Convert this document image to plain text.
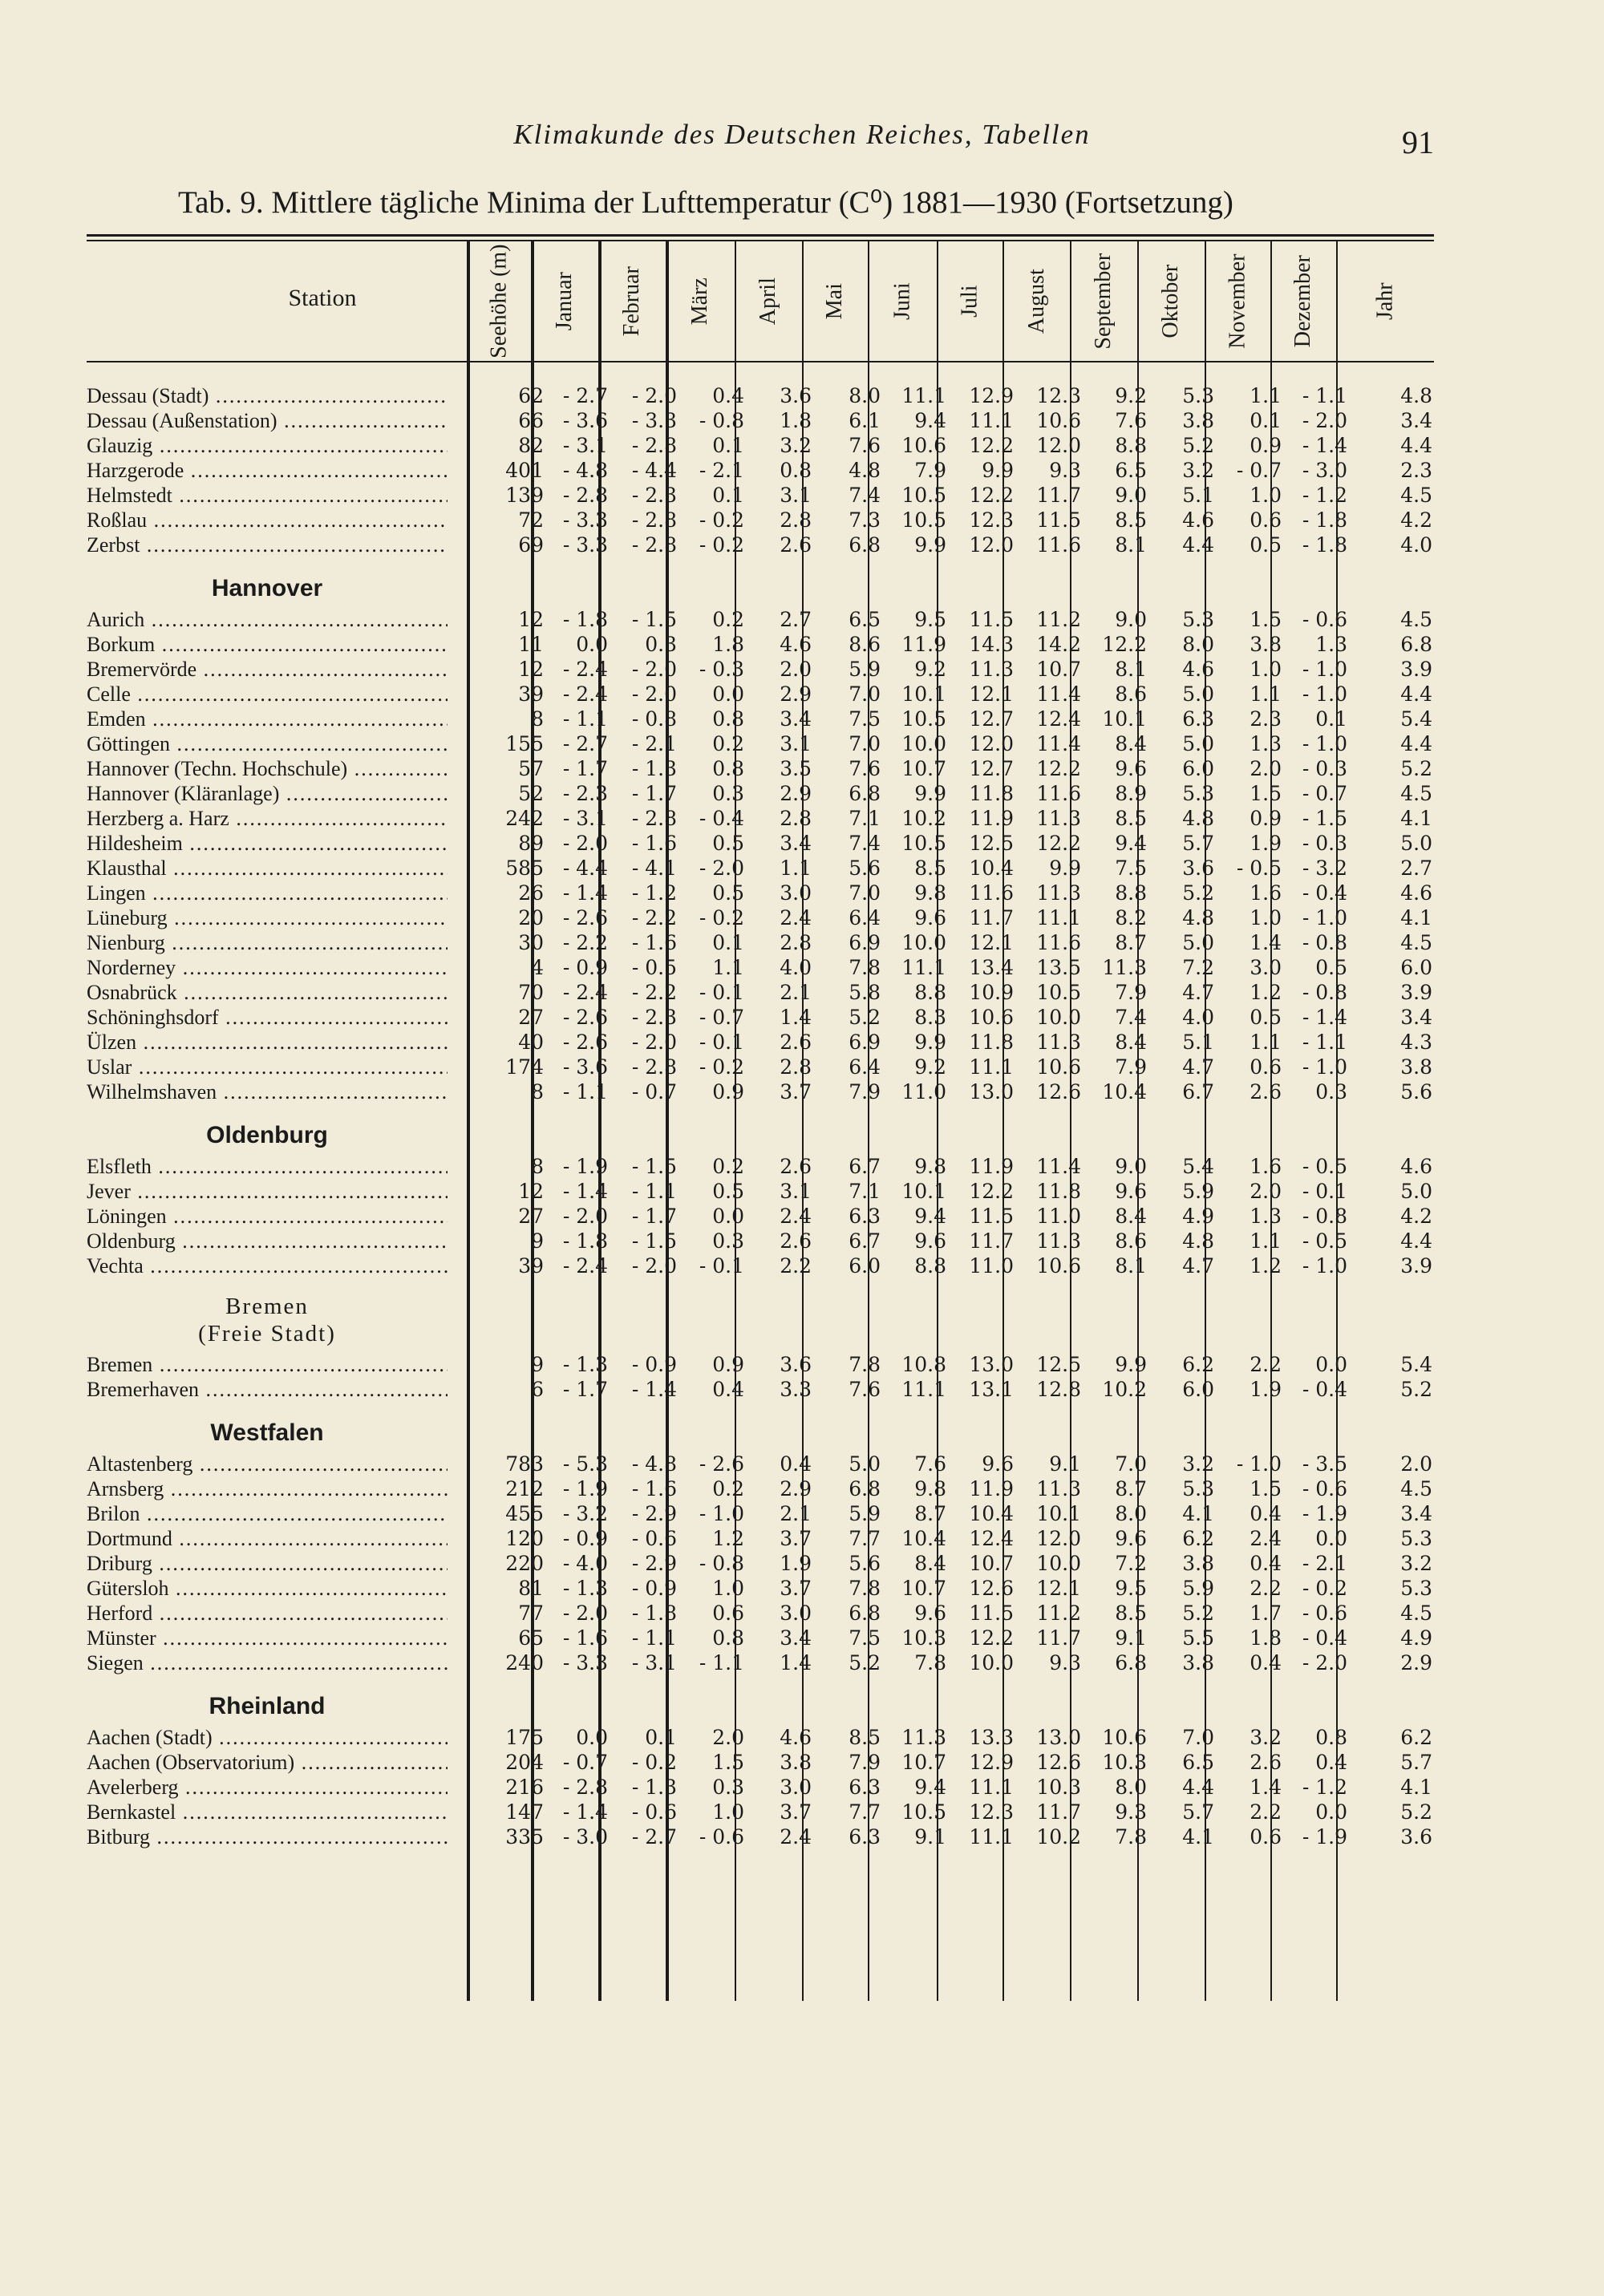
Klimakunde des Deutschen Reiches, Tabellen	91
Tab. 9. Mittlere tägliche Minima der Lufttemperatur (C⁰) 1881—1930 (Fortsetzung)
Station	Seehöhe (m) Januar Februar März April Mai Juni Juli August September Oktober November Dezember	Jahr
Dessau (Stadt) .....	62 - 2.7 - 2.0 0.4 3.6 8.0 11.1 12.9 12.3 9.2 5.3 1.1 - 1.1	4.8
Dessau (Außenstation) .....	66 - 3.6 - 3.3 - 0.8 1.8 6.1 9.4 11.1 10.6 7.6 3.8 0.1 - 2.0	3.4
Glauzig .....	82 - 3.1 - 2.8 0.1 3.2 7.6 10.6 12.2 12.0 8.8 5.2 0.9 - 1.4	4.4
Harzgerode .....	401 - 4.8 - 4.4 - 2.1 0.8 4.8 7.9 9.9 9.3 6.5 3.2 - 0.7 - 3.0	2.3
Helmstedt .....	139 - 2.8 - 2.3 0.1 3.1 7.4 10.5 12.2 11.7 9.0 5.1 1.0 - 1.2	4.5
Roßlau .....	72 - 3.3 - 2.8 - 0.2 2.8 7.3 10.5 12.3 11.5 8.5 4.6 0.6 - 1.8	4.2
Zerbst .....	69 - 3.3 - 2.8 - 0.2 2.6 6.8 9.9 12.0 11.6 8.1 4.4 0.5 - 1.8	4.0
Hannover
Aurich .....	12 - 1.8 - 1.5 0.2 2.7 6.5 9.5 11.5 11.2 9.0 5.3 1.5 - 0.6	4.5
Borkum .....	11 0.0 0.3 1.8 4.6 8.6 11.9 14.3 14.2 12.2 8.0 3.8 1.3	6.8
Bremervörde .....	12 - 2.4 - 2.0 - 0.3 2.0 5.9 9.2 11.3 10.7 8.1 4.6 1.0 - 1.0	3.9
Celle .....	39 - 2.4 - 2.0 0.0 2.9 7.0 10.1 12.1 11.4 8.6 5.0 1.1 - 1.0	4.4
Emden .....	8 - 1.1 - 0.8 0.8 3.4 7.5 10.5 12.7 12.4 10.1 6.3 2.3 0.1	5.4
Göttingen .....	155 - 2.7 - 2.1 0.2 3.1 7.0 10.0 12.0 11.4 8.4 5.0 1.3 - 1.0	4.4
Hannover (Techn. Hochschule) .....	57 - 1.7 - 1.3 0.8 3.5 7.6 10.7 12.7 12.2 9.6 6.0 2.0 - 0.3	5.2
Hannover (Kläranlage) .....	52 - 2.3 - 1.7 0.3 2.9 6.8 9.9 11.8 11.6 8.9 5.3 1.5 - 0.7	4.5
Herzberg a. Harz .....	242 - 3.1 - 2.8 - 0.4 2.8 7.1 10.2 11.9 11.3 8.5 4.8 0.9 - 1.5	4.1
Hildesheim .....	89 - 2.0 - 1.6 0.5 3.4 7.4 10.5 12.5 12.2 9.4 5.7 1.9 - 0.3	5.0
Klausthal .....	585 - 4.4 - 4.1 - 2.0 1.1 5.6 8.5 10.4 9.9 7.5 3.6 - 0.5 - 3.2	2.7
Lingen .....	26 - 1.4 - 1.2 0.5 3.0 7.0 9.8 11.6 11.3 8.8 5.2 1.6 - 0.4	4.6
Lüneburg .....	20 - 2.6 - 2.2 - 0.2 2.4 6.4 9.6 11.7 11.1 8.2 4.8 1.0 - 1.0	4.1
Nienburg .....	30 - 2.2 - 1.6 0.1 2.8 6.9 10.0 12.1 11.6 8.7 5.0 1.4 - 0.8	4.5
Norderney .....	4 - 0.9 - 0.5 1.1 4.0 7.8 11.1 13.4 13.5 11.3 7.2 3.0 0.5	6.0
Osnabrück .....	70 - 2.4 - 2.2 - 0.1 2.1 5.8 8.8 10.9 10.5 7.9 4.7 1.2 - 0.8	3.9
Schöninghsdorf .....	27 - 2.6 - 2.3 - 0.7 1.4 5.2 8.3 10.6 10.0 7.4 4.0 0.5 - 1.4	3.4
Ülzen .....	40 - 2.6 - 2.0 - 0.1 2.6 6.9 9.9 11.8 11.3 8.4 5.1 1.1 - 1.1	4.3
Uslar .....	174 - 3.6 - 2.8 - 0.2 2.8 6.4 9.2 11.1 10.6 7.9 4.7 0.6 - 1.0	3.8
Wilhelmshaven .....	8 - 1.1 - 0.7 0.9 3.7 7.9 11.0 13.0 12.6 10.4 6.7 2.6 0.3	5.6
Oldenburg
Elsfleth .....	8 - 1.9 - 1.5 0.2 2.6 6.7 9.8 11.9 11.4 9.0 5.4 1.6 - 0.5	4.6
Jever .....	12 - 1.4 - 1.1 0.5 3.1 7.1 10.1 12.2 11.8 9.6 5.9 2.0 - 0.1	5.0
Löningen .....	27 - 2.0 - 1.7 0.0 2.4 6.3 9.4 11.5 11.0 8.4 4.9 1.3 - 0.8	4.2
Oldenburg .....	9 - 1.8 - 1.5 0.3 2.6 6.7 9.6 11.7 11.3 8.6 4.8 1.1 - 0.5	4.4
Vechta .....	39 - 2.4 - 2.0 - 0.1 2.2 6.0 8.8 11.0 10.6 8.1 4.7 1.2 - 1.0	3.9
Bremen
(Freie Stadt)
Bremen .....	9 - 1.3 - 0.9 0.9 3.6 7.8 10.8 13.0 12.5 9.9 6.2 2.2 0.0	5.4
Bremerhaven .....	6 - 1.7 - 1.4 0.4 3.3 7.6 11.1 13.1 12.8 10.2 6.0 1.9 - 0.4	5.2
Westfalen
Altastenberg .....	783 - 5.3 - 4.8 - 2.6 0.4 5.0 7.6 9.6 9.1 7.0 3.2 - 1.0 - 3.5	2.0
Arnsberg .....	212 - 1.9 - 1.6 0.2 2.9 6.8 9.8 11.9 11.3 8.7 5.3 1.5 - 0.6	4.5
Brilon .....	455 - 3.2 - 2.9 - 1.0 2.1 5.9 8.7 10.4 10.1 8.0 4.1 0.4 - 1.9	3.4
Dortmund .....	120 - 0.9 - 0.6 1.2 3.7 7.7 10.4 12.4 12.0 9.6 6.2 2.4 0.0	5.3
Driburg .....	220 - 4.0 - 2.9 - 0.8 1.9 5.6 8.4 10.7 10.0 7.2 3.8 0.4 - 2.1	3.2
Gütersloh .....	81 - 1.3 - 0.9 1.0 3.7 7.8 10.7 12.6 12.1 9.5 5.9 2.2 - 0.2	5.3
Herford .....	77 - 2.0 - 1.8 0.6 3.0 6.8 9.6 11.5 11.2 8.5 5.2 1.7 - 0.6	4.5
Münster .....	65 - 1.6 - 1.1 0.8 3.4 7.5 10.3 12.2 11.7 9.1 5.5 1.8 - 0.4	4.9
Siegen .....	240 - 3.3 - 3.1 - 1.1 1.4 5.2 7.8 10.0 9.3 6.8 3.8 0.4 - 2.0	2.9
Rheinland
Aachen (Stadt) .....	175 0.0 0.1 2.0 4.6 8.5 11.3 13.3 13.0 10.6 7.0 3.2 0.8	6.2
Aachen (Observatorium) .....	204 - 0.7 - 0.2 1.5 3.8 7.9 10.7 12.9 12.6 10.3 6.5 2.6 0.4	5.7
Avelerberg .....	216 - 2.8 - 1.3 0.3 3.0 6.3 9.4 11.1 10.3 8.0 4.4 1.4 - 1.2	4.1
Bernkastel .....	147 - 1.4 - 0.6 1.0 3.7 7.7 10.5 12.3 11.7 9.3 5.7 2.2 0.0	5.2
Bitburg .....	335 - 3.0 - 2.7 - 0.6 2.4 6.3 9.1 11.1 10.2 7.8 4.1 0.6 - 1.9	3.6
